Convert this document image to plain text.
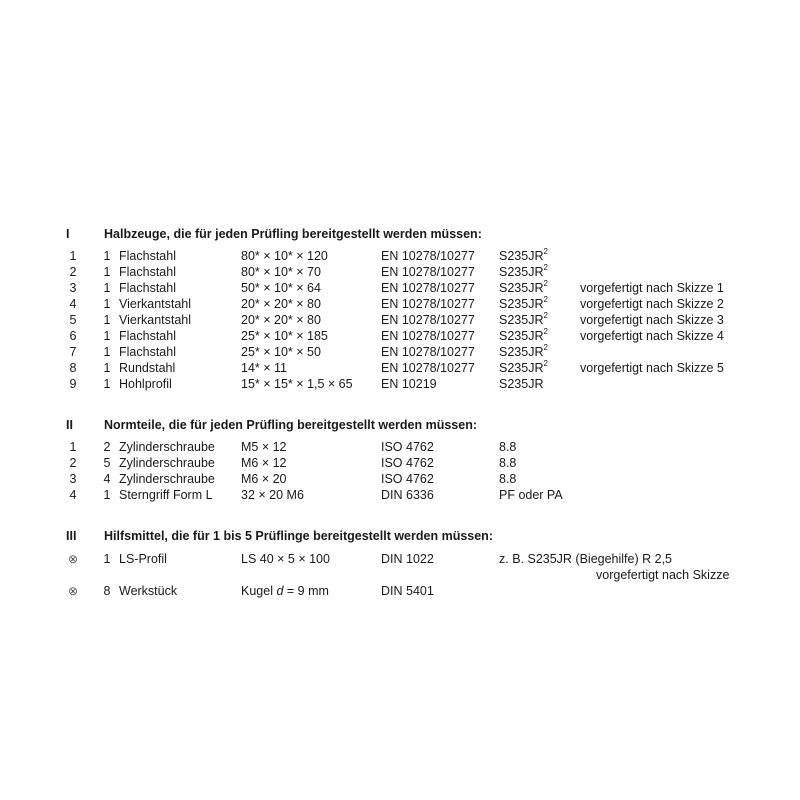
I	Halbzeuge, die für jeden Prüfling bereitgestellt werden müssen:
1	1 Flachstahl	80* × 10* × 120	EN 10278/10277 $S235JR^2$
2	1 Flachstahl	80* × 10* × 70	EN 10278/10277 $S235JR^2$
3	1 Flachstahl	50* × 10* × 64	EN 10278/10277 $S235JR^2$	vorgefertigt nach Skizze 1
4	1 Vierkantstahl	20* × 20* × 80	EN 10278/10277 $S235JR^2$	vorgefertigt nach Skizze 2
5	1 Vierkantstahl	20* × 20* × 80	EN 10278/10277 $S235JR^2$	vorgefertigt nach Skizze 3
6	1 Flachstahl	25* × 10* × 185	EN 10278/10277 $S235JR^2$	vorgefertigt nach Skizze 4
7	1 Flachstahl	25* × 10* × 50	EN 10278/10277 $S235JR^2$
8	1 Rundstahl	14* × 11	EN 10278/10277 $S235JR^2$	vorgefertigt nach Skizze 5
9	1 Hohlprofil	15* × 15* × 1,5 × 65 EN 10219	S235JR
II Normteile, die für jeden Prüfling bereitgestellt werden müssen:
1	2 Zylinderschraube M5 × 12	ISO 4762	8.8
2	5 Zylinderschraube M6 × 12	ISO 4762	8.8
3	4 Zylinderschraube M6 × 20	ISO 4762	8.8
4	1 Sterngriff Form L 32 × 20 M6	DIN 6336	PF oder PA
III Hilfsmittel, die für 1 bis 5 Prüflinge bereitgestellt werden müssen:
⊗	1 LS-Profil	LS 40 × 5 × 100	DIN 1022	z. B. S235JR (Biegehilfe) R 2,5
vorgefertigt nach Skizze
⊗	8 Werkstück	Kugel d = 9 mm	DIN 5401
